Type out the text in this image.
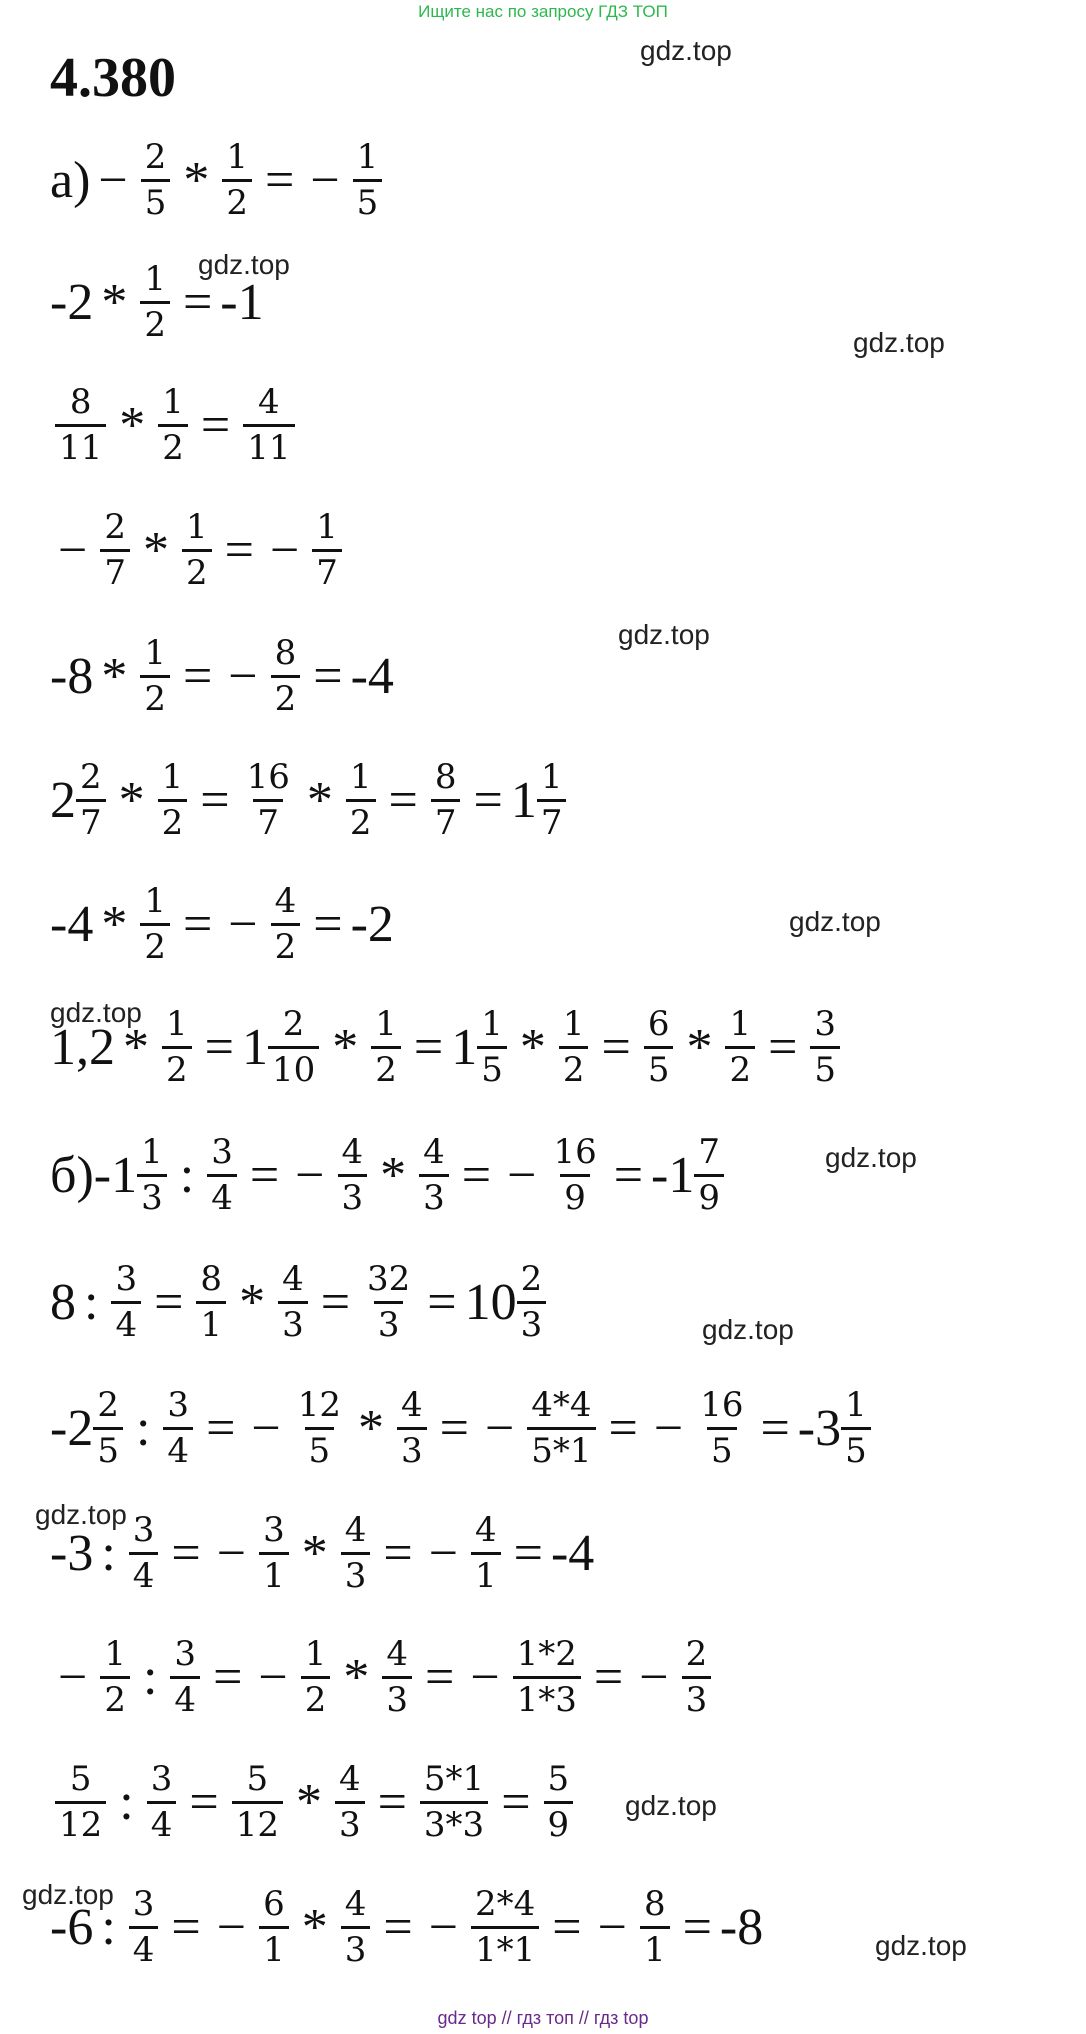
Ищите нас по запросу ГДЗ ТОП
4.380	gdz.top
gdz.top
gdz.top
gdz.top
gdz.top
gdz.top
gdz.top
gdz.top
gdz.top
gdz.top
gdz.top
gdz.top
$а) - \frac{2}{5} * \frac{1}{2}$ = − $\frac{1}{5}$
$-2 * \frac{1}{2} = -1$
$\frac{8}{11} * \frac{1}{2} = \frac{4}{11}$
− $\frac{2}{7} * \frac{1}{2}$ = − $\frac{1}{7}$
$-8 * \frac{1}{2}$ = − $\frac{8}{2} = -4$
$2 \frac{2}{7} * \frac{1}{2} = \frac{16}{7} * \frac{1}{2} = \frac{8}{7} = 1 \frac{1}{7}$
$-4 * \frac{1}{2}$ = − $\frac{4}{2} = -2$
$1,2 * \frac{1}{2} = 1 \frac{2}{10} * \frac{1}{2} = 1 \frac{1}{5} * \frac{1}{2} = \frac{6}{5} * \frac{1}{2} = \frac{3}{5}$
б) $-1 \frac{1}{3}$ : $\frac{3}{4}$ = − $\frac{4}{3} * \frac{4}{3}$ = − $\frac{16}{9} = -1 \frac{7}{9}$
8 : $\frac{3}{4} = \frac{8}{1} * \frac{4}{3} = \frac{32}{3} = 10 \frac{2}{3}$
$-2 \frac{2}{5}$ : $\frac{3}{4}$ = − $\frac{12}{5} * \frac{4}{3}$ = − $\frac{4*4}{5*1}$ = − $\frac{16}{5} = -3 \frac{1}{5}$
-3 : $\frac{3}{4}$ = − $\frac{3}{1} * \frac{4}{3}$ = − $\frac{4}{1} = -4$
− $\frac{1}{2}$ : $\frac{3}{4}$ = − $\frac{1}{2} * \frac{4}{3}$ = − $\frac{1*2}{1*3}$ = − $\frac{2}{3}$
$\frac{5}{12}$ : $\frac{3}{4} = \frac{5}{12} * \frac{4}{3} = \frac{5*1}{3*3} = \frac{5}{9}$
-6 : $\frac{3}{4}$ = − $\frac{6}{1} * \frac{4}{3}$ = − $\frac{2*4}{1*1}$ = − $\frac{8}{1} = -8$
gdz top // гдз топ // гдз top
